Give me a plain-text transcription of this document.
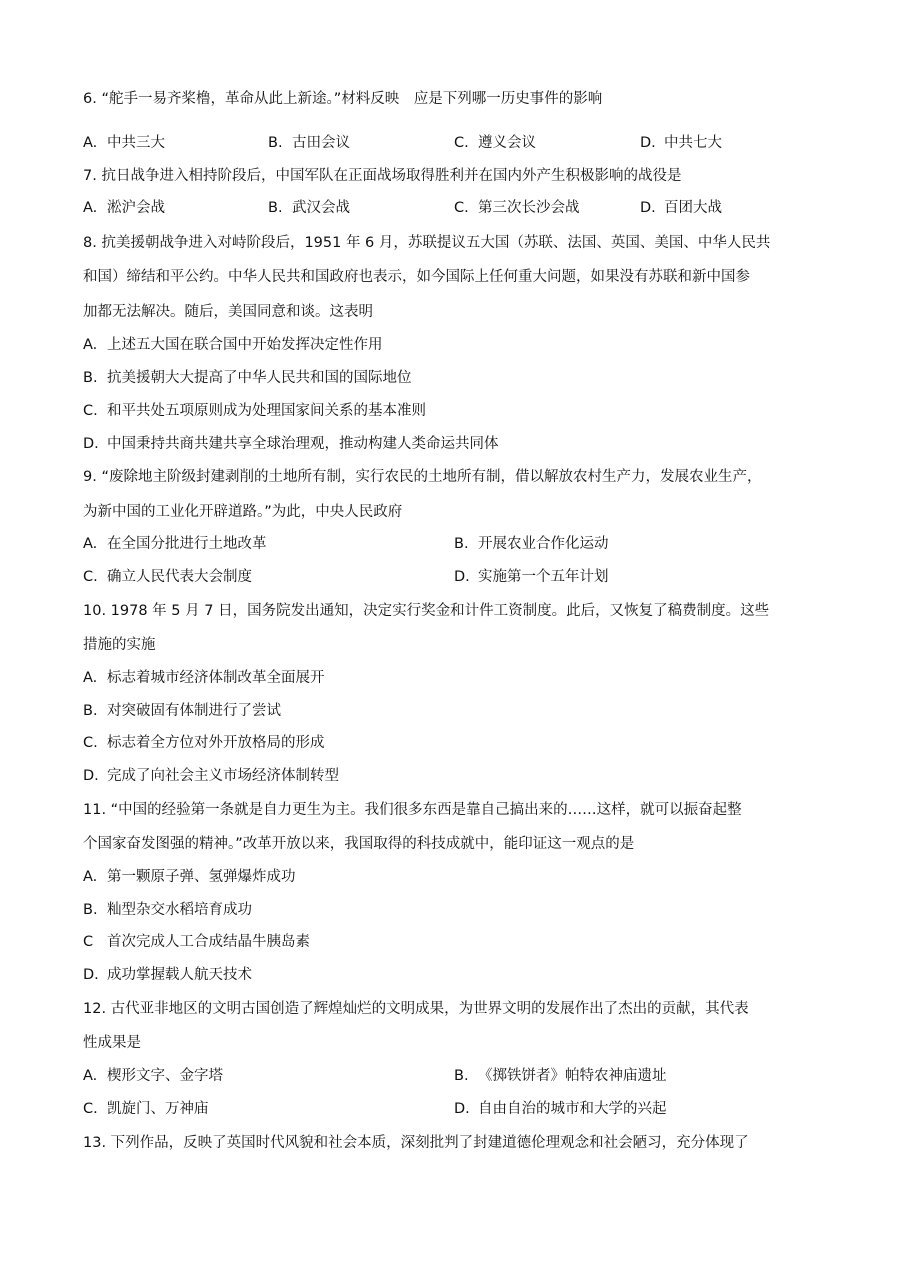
6. “舵手一易齐桨橹，革命从此上新途。”材料反映　应是下列哪一历史事件的影响
A. 中共三大	B. 古田会议	C. 遵义会议	D. 中共七大
7. 抗日战争进入相持阶段后，中国军队在正面战场取得胜利并在国内外产生积极影响的战役是
A. 淞沪会战	B. 武汉会战	C. 第三次长沙会战	D. 百团大战
8. 抗美援朝战争进入对峙阶段后，1951 年 6 月，苏联提议五大国（苏联、法国、英国、美国、中华人民共
和国）缔结和平公约。中华人民共和国政府也表示，如今国际上任何重大问题，如果没有苏联和新中国参
加都无法解决。随后，美国同意和谈。这表明
A. 上述五大国在联合国中开始发挥决定性作用
B. 抗美援朝大大提高了中华人民共和国的国际地位
C. 和平共处五项原则成为处理国家间关系的基本准则
D. 中国秉持共商共建共享全球治理观，推动构建人类命运共同体
9. “废除地主阶级封建剥削的土地所有制，实行农民的土地所有制，借以解放农村生产力，发展农业生产，
为新中国的工业化开辟道路。”为此，中央人民政府
A. 在全国分批进行土地改革	B. 开展农业合作化运动
C. 确立人民代表大会制度	D. 实施第一个五年计划
10. 1978 年 5 月 7 日，国务院发出通知，决定实行奖金和计件工资制度。此后，又恢复了稿费制度。这些
措施的实施
A. 标志着城市经济体制改革全面展开
B. 对突破固有体制进行了尝试
C. 标志着全方位对外开放格局的形成
D. 完成了向社会主义市场经济体制转型
11. “中国的经验第一条就是自力更生为主。我们很多东西是靠自己搞出来的……这样，就可以振奋起整
个国家奋发图强的精神。”改革开放以来，我国取得的科技成就中，能印证这一观点的是
A. 第一颗原子弹、氢弹爆炸成功
B. 籼型杂交水稻培育成功
C 首次完成人工合成结晶牛胰岛素
D. 成功掌握载人航天技术
12. 古代亚非地区的文明古国创造了辉煌灿烂的文明成果，为世界文明的发展作出了杰出的贡献，其代表
性成果是
A. 楔形文字、金字塔	B. 《掷铁饼者》帕特农神庙遗址
C. 凯旋门、万神庙	D. 自由自治的城市和大学的兴起
13. 下列作品，反映了英国时代风貌和社会本质，深刻批判了封建道德伦理观念和社会陋习，充分体现了
